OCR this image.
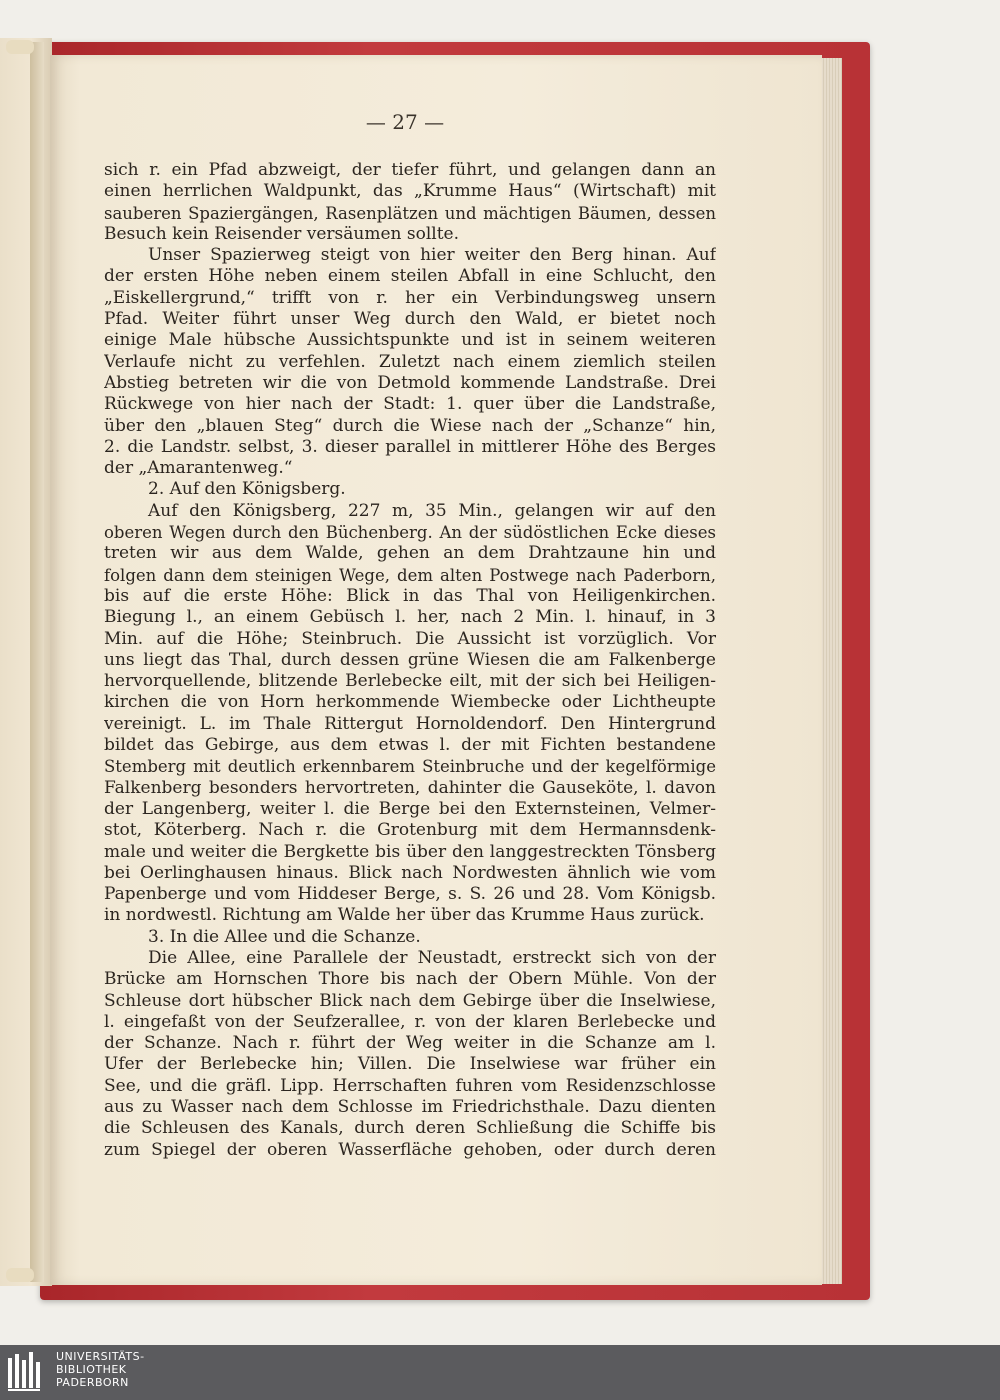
— 27 —
sich r. ein Pfad abzweigt, der tiefer führt, und gelangen dann an
einen herrlichen Waldpunkt, das „Krumme Haus“ (Wirtschaft) mit
sauberen Spaziergängen, Rasenplätzen und mächtigen Bäumen, dessen
Besuch kein Reisender versäumen sollte.
Unser Spazierweg steigt von hier weiter den Berg hinan. Auf
der ersten Höhe neben einem steilen Abfall in eine Schlucht, den
„Eiskellergrund,“ trifft von r. her ein Verbindungsweg unsern
Pfad. Weiter führt unser Weg durch den Wald, er bietet noch
einige Male hübsche Aussichtspunkte und ist in seinem weiteren
Verlaufe nicht zu verfehlen. Zuletzt nach einem ziemlich steilen
Abstieg betreten wir die von Detmold kommende Landstraße. Drei
Rückwege von hier nach der Stadt: 1. quer über die Landstraße,
über den „blauen Steg“ durch die Wiese nach der „Schanze“ hin,
2. die Landstr. selbst, 3. dieser parallel in mittlerer Höhe des Berges
der „Amarantenweg.“
2. Auf den Königsberg.
Auf den Königsberg, 227 m, 35 Min., gelangen wir auf den
oberen Wegen durch den Büchenberg. An der südöstlichen Ecke dieses
treten wir aus dem Walde, gehen an dem Drahtzaune hin und
folgen dann dem steinigen Wege, dem alten Postwege nach Paderborn,
bis auf die erste Höhe: Blick in das Thal von Heiligenkirchen.
Biegung l., an einem Gebüsch l. her, nach 2 Min. l. hinauf, in 3
Min. auf die Höhe; Steinbruch. Die Aussicht ist vorzüglich. Vor
uns liegt das Thal, durch dessen grüne Wiesen die am Falkenberge
hervorquellende, blitzende Berlebecke eilt, mit der sich bei Heiligen-
kirchen die von Horn herkommende Wiembecke oder Lichtheupte
vereinigt. L. im Thale Rittergut Hornoldendorf. Den Hintergrund
bildet das Gebirge, aus dem etwas l. der mit Fichten bestandene
Stemberg mit deutlich erkennbarem Steinbruche und der kegelförmige
Falkenberg besonders hervortreten, dahinter die Gauseköte, l. davon
der Langenberg, weiter l. die Berge bei den Externsteinen, Velmer-
stot, Köterberg. Nach r. die Grotenburg mit dem Hermannsdenk-
male und weiter die Bergkette bis über den langgestreckten Tönsberg
bei Oerlinghausen hinaus. Blick nach Nordwesten ähnlich wie vom
Papenberge und vom Hiddeser Berge, s. S. 26 und 28. Vom Königsb.
in nordwestl. Richtung am Walde her über das Krumme Haus zurück.
3. In die Allee und die Schanze.
Die Allee, eine Parallele der Neustadt, erstreckt sich von der
Brücke am Hornschen Thore bis nach der Obern Mühle. Von der
Schleuse dort hübscher Blick nach dem Gebirge über die Inselwiese,
l. eingefaßt von der Seufzerallee, r. von der klaren Berlebecke und
der Schanze. Nach r. führt der Weg weiter in die Schanze am l.
Ufer der Berlebecke hin; Villen. Die Inselwiese war früher ein
See, und die gräfl. Lipp. Herrschaften fuhren vom Residenzschlosse
aus zu Wasser nach dem Schlosse im Friedrichsthale. Dazu dienten
die Schleusen des Kanals, durch deren Schließung die Schiffe bis
zum Spiegel der oberen Wasserfläche gehoben, oder durch deren
UNIVERSITÄTS-
BIBLIOTHEK
PADERBORN
